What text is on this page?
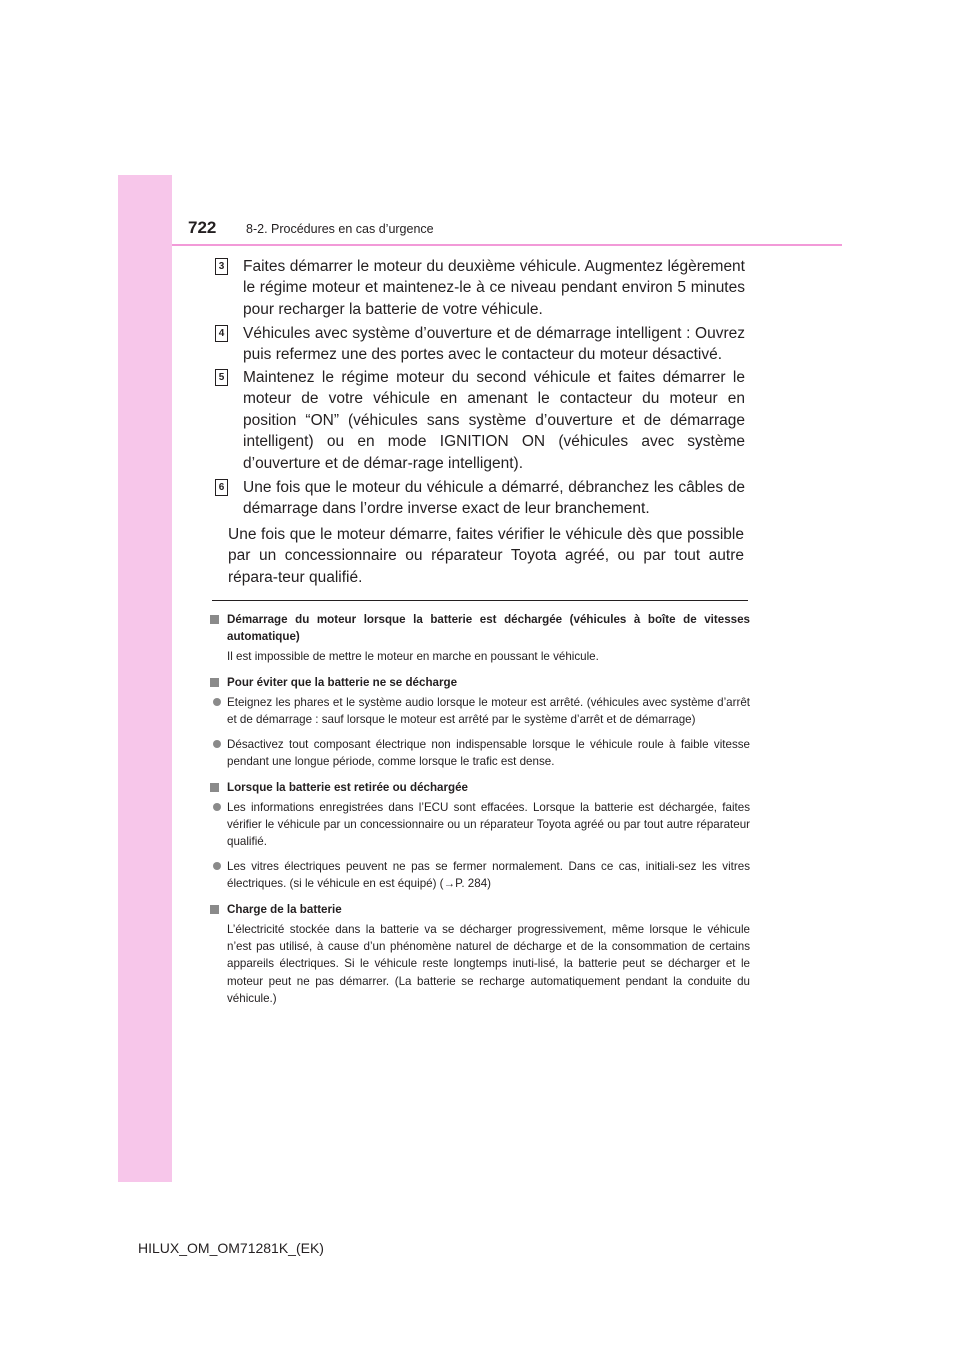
722 8-2. Procédures en cas d’urgence
3 Faites démarrer le moteur du deuxième véhicule. Augmentez légèrement le régime moteur et maintenez-le à ce niveau pendant environ 5 minutes pour recharger la batterie de votre véhicule.
4 Véhicules avec système d’ouverture et de démarrage intelligent : Ouvrez puis refermez une des portes avec le contacteur du moteur désactivé.
5 Maintenez le régime moteur du second véhicule et faites démarrer le moteur de votre véhicule en amenant le contacteur du moteur en position “ON” (véhicules sans système d’ouverture et de démarrage intelligent) ou en mode IGNITION ON (véhicules avec système d’ouverture et de démar-rage intelligent).
6 Une fois que le moteur du véhicule a démarré, débranchez les câbles de démarrage dans l’ordre inverse exact de leur branchement.
Une fois que le moteur démarre, faites vérifier le véhicule dès que possible par un concessionnaire ou réparateur Toyota agréé, ou par tout autre répara-teur qualifié.
Démarrage du moteur lorsque la batterie est déchargée (véhicules à boîte de vitesses automatique)
Il est impossible de mettre le moteur en marche en poussant le véhicule.
Pour éviter que la batterie ne se décharge
Eteignez les phares et le système audio lorsque le moteur est arrêté. (véhicules avec système d’arrêt et de démarrage : sauf lorsque le moteur est arrêté par le système d’arrêt et de démarrage)
Désactivez tout composant électrique non indispensable lorsque le véhicule roule à faible vitesse pendant une longue période, comme lorsque le trafic est dense.
Lorsque la batterie est retirée ou déchargée
Les informations enregistrées dans l’ECU sont effacées. Lorsque la batterie est déchargée, faites vérifier le véhicule par un concessionnaire ou un réparateur Toyota agréé ou par tout autre réparateur qualifié.
Les vitres électriques peuvent ne pas se fermer normalement. Dans ce cas, initiali-sez les vitres électriques. (si le véhicule en est équipé) (→P. 284)
Charge de la batterie
L’électricité stockée dans la batterie va se décharger progressivement, même lorsque le véhicule n’est pas utilisé, à cause d’un phénomène naturel de décharge et de la consommation de certains appareils électriques. Si le véhicule reste longtemps inuti-lisé, la batterie peut se décharger et le moteur peut ne pas démarrer. (La batterie se recharge automatiquement pendant la conduite du véhicule.)
HILUX_OM_OM71281K_(EK)
